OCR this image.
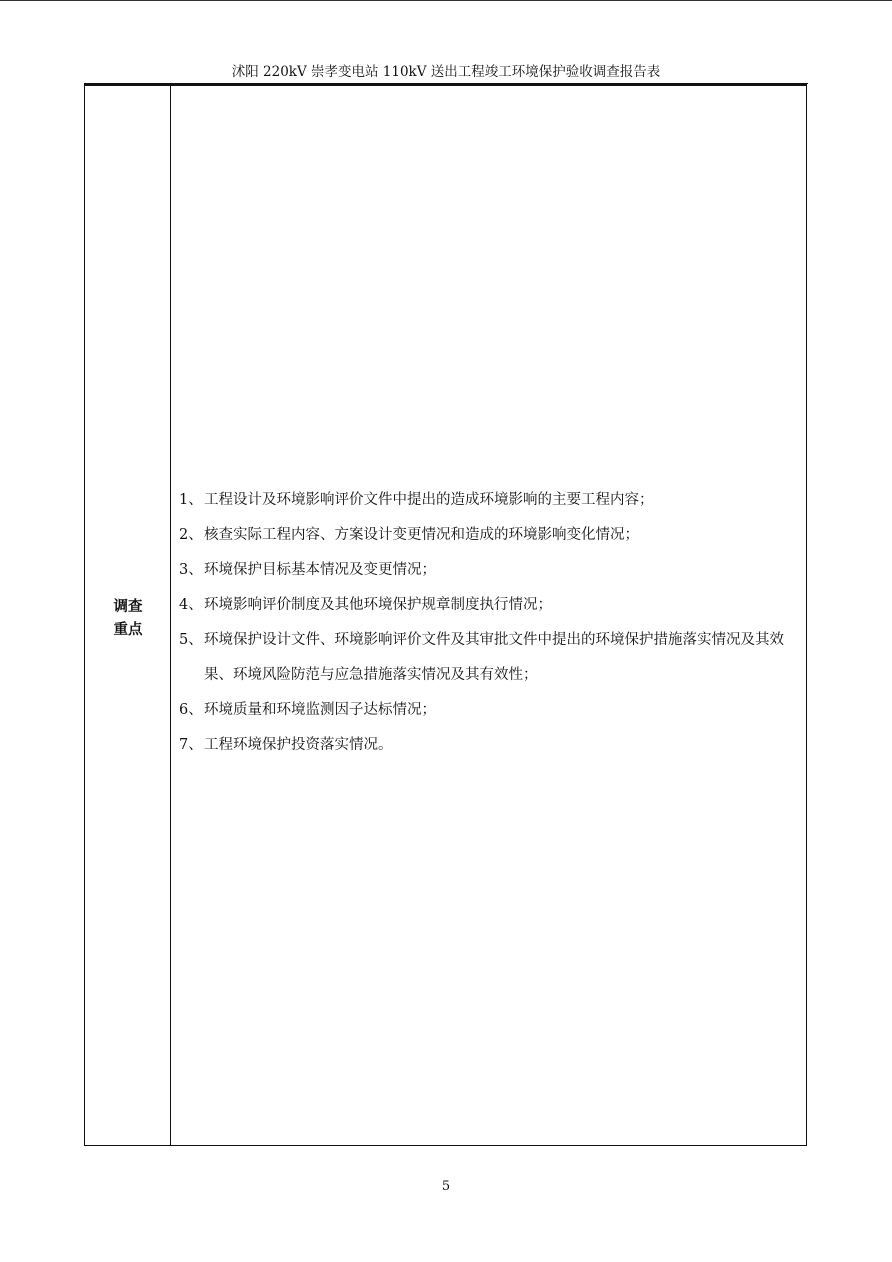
沭阳 220kV 崇孝变电站 110kV 送出工程竣工环境保护验收调查报告表
调查
重点
1、工程设计及环境影响评价文件中提出的造成环境影响的主要工程内容；
2、核查实际工程内容、方案设计变更情况和造成的环境影响变化情况；
3、环境保护目标基本情况及变更情况；
4、环境影响评价制度及其他环境保护规章制度执行情况；
5、环境保护设计文件、环境影响评价文件及其审批文件中提出的环境保护措施落实情况及其效果、环境风险防范与应急措施落实情况及其有效性；
6、环境质量和环境监测因子达标情况；
7、工程环境保护投资落实情况。
5
